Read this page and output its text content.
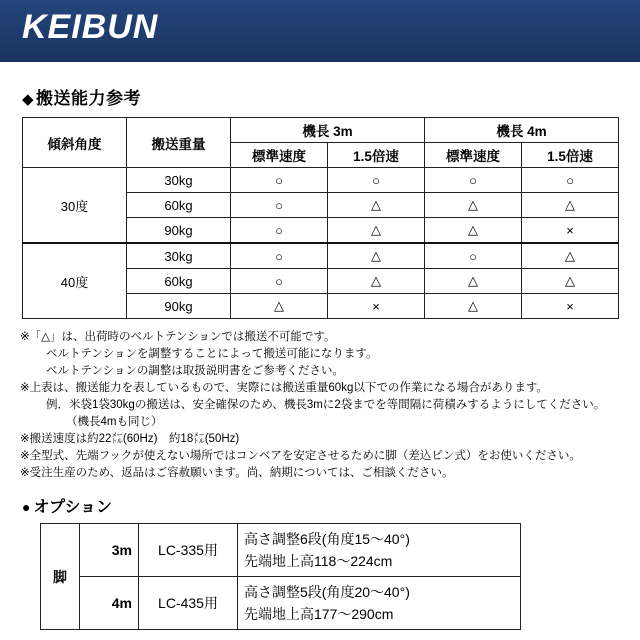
KEIBUN
◆ 搬送能力参考
傾斜角度	搬送重量	機長 3m		機長 4m	
		標準速度	1.5倍速	標準速度	1.5倍速
30度	30kg	○	○	○	○
	60kg	○	△	△	△
	90kg	○	△	△	×
40度	30kg	○	△	○	△
	60kg	○	△	△	△
	90kg	△	×	△	×
※「△」は、出荷時のベルトテンションでは搬送不可能です。
ベルトテンションを調整することによって搬送可能になります。
ベルトテンションの調整は取扱説明書をご参考ください。
※上表は、搬送能力を表しているもので、実際には搬送重量60kg以下での作業になる場合があります。
例．米袋1袋30kgの搬送は、安全確保のため、機長3mに2袋までを等間隔に荷積みするようにしてください。
（機長4mも同じ）
※搬送速度は約22㍍(60Hz)　約18㍍(50Hz)
※全型式、先端フックが使えない場所ではコンベアを安定させるために脚（差込ピン式）をお使いください。
※受注生産のため、返品はご容赦願います。尚、納期については、ご相談ください。
● オプション
脚	3m	LC-335用	高さ調整6段(角度15〜40°)
先端地上高118〜224cm

	4m	LC-435用	高さ調整5段(角度20〜40°)
先端地上高177〜290cm
